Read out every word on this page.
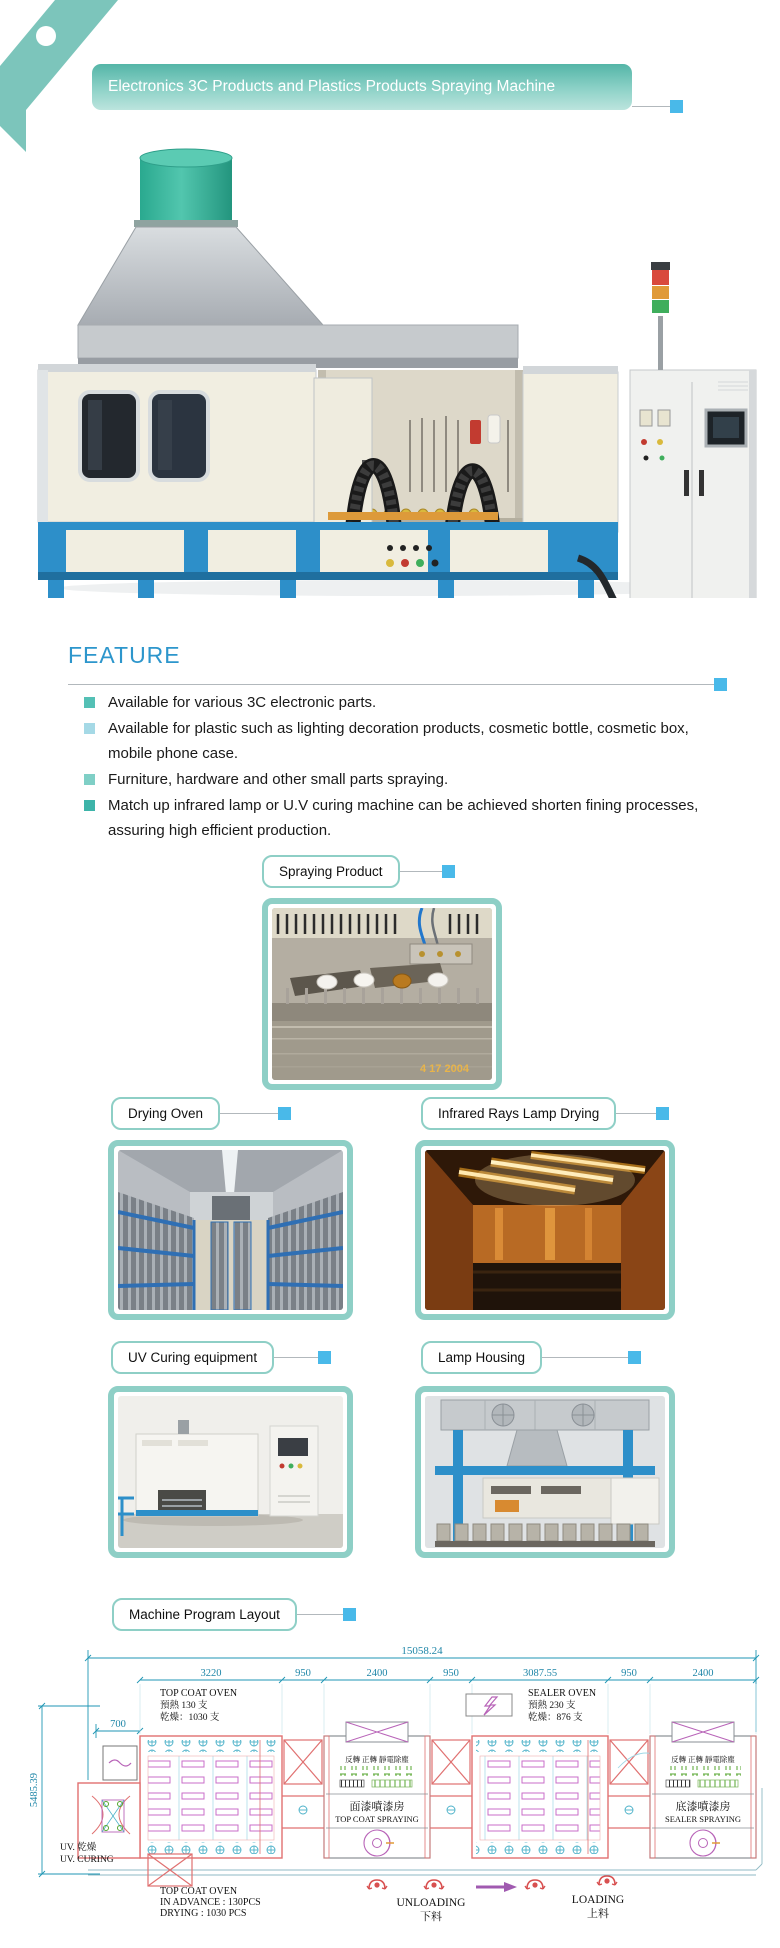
Electronics 3C Products and Plastics Products Spraying Machine
FEATURE
Available for various 3C electronic parts.
Available for plastic such as lighting decoration products, cosmetic bottle, cosmetic box, mobile phone case.
Furniture, hardware and other small parts spraying.
Match up infrared lamp or U.V curing machine can be achieved shorten fining processes, assuring high efficient production.
Spraying Product
4 17 2004
Drying Oven	Infrared Rays Lamp Drying
UV Curing equipment	Lamp Housing
Machine Program Layout
15058.24
3220	950	2400	950	3087.55	950	2400
700
5485.39
TOP COAT OVEN
預熱 130 支
乾燥：1030 支
SEALER OVEN
預熱 230 支
乾燥：876 支
反轉 正轉 靜電除塵
面漆噴漆房
TOP COAT SPRAYING
反轉 正轉 靜電除塵
底漆噴漆房
SEALER SPRAYING
UV. 乾燥
UV. CURING
TOP COAT OVEN
IN ADVANCE : 130PCS
DRYING : 1030 PCS
UNLOADING
下料
LOADING
上料
